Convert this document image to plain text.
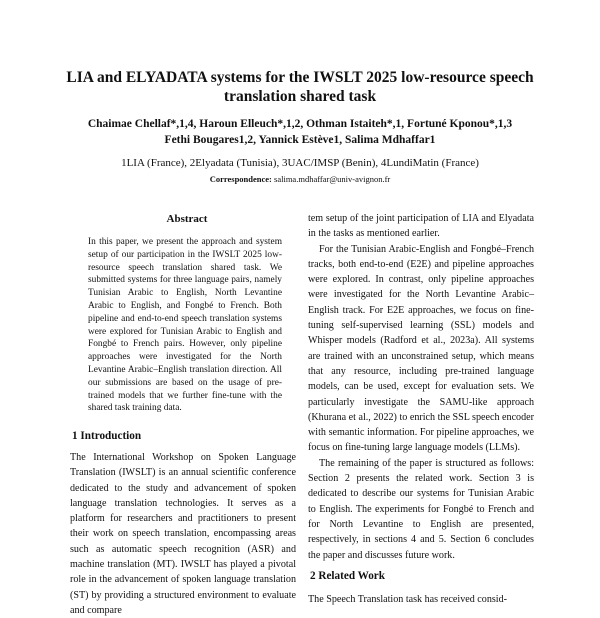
LIA and ELYADATA systems for the IWSLT 2025 low-resource speech
translation shared task
Chaimae Chellaf*,1,4, Haroun Elleuch*,1,2, Othman Istaiteh*,1, Fortuné Kponou*,1,3
Fethi Bougares1,2, Yannick Estève1, Salima Mdhaffar1
1LIA (France), 2Elyadata (Tunisia), 3UAC/IMSP (Benin), 4LundiMatin (France)
Correspondence: salima.mdhaffar@univ-avignon.fr
Abstract
In this paper, we present the approach and system setup of our participation in the IWSLT 2025 low-resource speech translation shared task. We submitted systems for three language pairs, namely Tunisian Arabic to English, North Levantine Arabic to English, and Fongbé to French. Both pipeline and end-to-end speech translation systems were explored for Tunisian Arabic to English and Fongbé to French pairs. However, only pipeline approaches were investigated for the North Levantine Arabic–English translation direction. All our submissions are based on the usage of pre-trained models that we further fine-tune with the shared task training data.
1 Introduction

The International Workshop on Spoken Language Translation (IWSLT) is an annual scientific conference dedicated to the study and advancement of spoken language translation technologies. It serves as a platform for researchers and practitioners to present their work on speech translation, encompassing areas such as automatic speech recognition (ASR) and machine translation (MT). IWSLT has played a pivotal role in the advancement of spoken language translation (ST) by providing a structured environment to evaluate and compare

tem setup of the joint participation of LIA and Elyadata in the tasks as mentioned earlier.

For the Tunisian Arabic-English and Fongbé–French tracks, both end-to-end (E2E) and pipeline approaches were explored. In contrast, only pipeline approaches were investigated for the North Levantine Arabic–English track. For E2E approaches, we focus on fine-tuning self-supervised learning (SSL) models and Whisper models (Radford et al., 2023a). All systems are trained with an unconstrained setup, which means that any resource, including pre-trained language models, can be used, except for evaluation sets. We particularly investigate the SAMU-like approach (Khurana et al., 2022) to enrich the SSL speech encoder with semantic information. For pipeline approaches, we focus on fine-tuning large language models (LLMs).

The remaining of the paper is structured as follows: Section 2 presents the related work. Section 3 is dedicated to describe our systems for Tunisian Arabic to English. The experiments for Fongbé to French and for North Levantine to English are presented, respectively, in sections 4 and 5. Section 6 concludes the paper and discusses future work.

2 Related Work
The Speech Translation task has received consid-
